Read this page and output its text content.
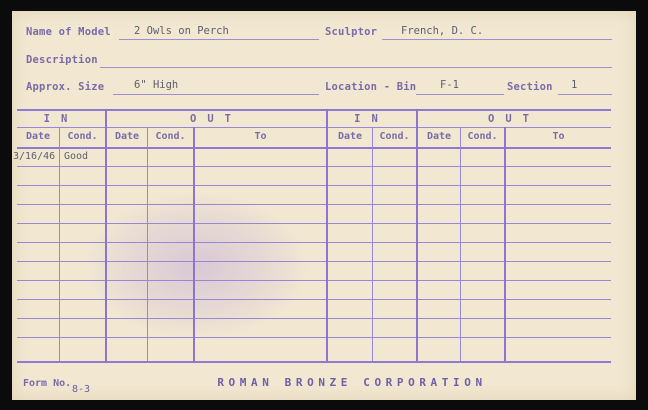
Name of Model 2 Owls on Perch	Sculptor French, D. C.
Description
Approx. Size	6" High	Location - Bin F-1	Section 1
IN	OUT	IN	OUT
Date	Cond.	Date	Cond.	To	Date	Cond.	Date	Cond.	To
3/16/46 Good
ROMAN BRONZE CORPORATION
Form No.
8-3
